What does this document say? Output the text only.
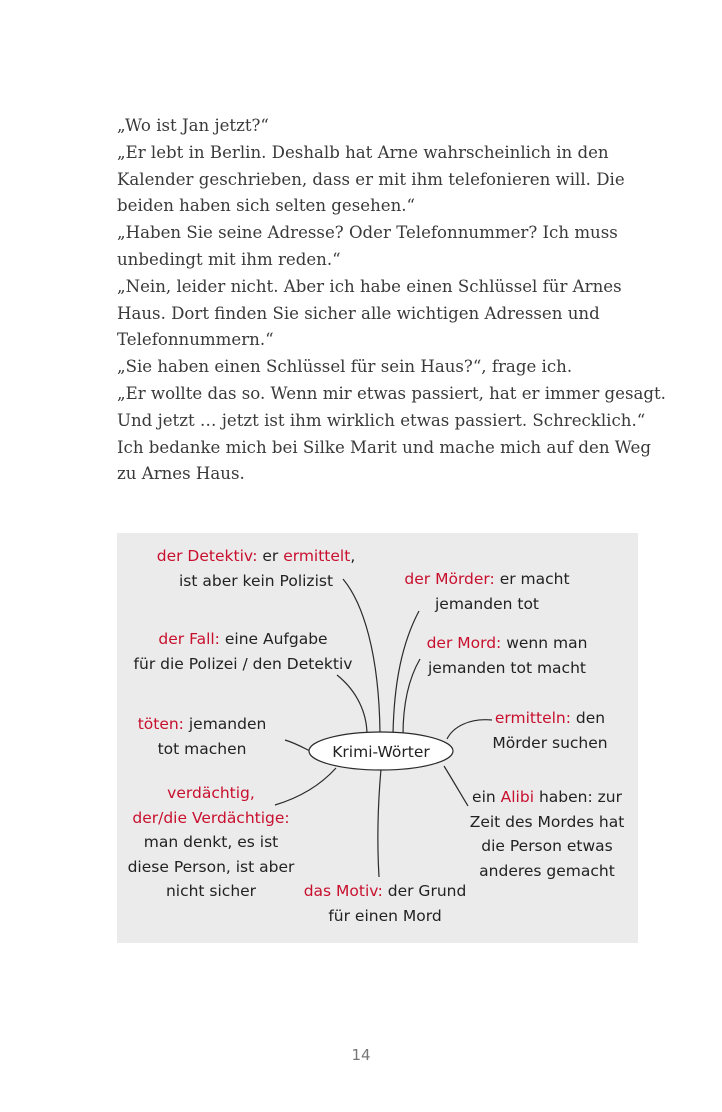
„Wo ist Jan jetzt?“

„Er lebt in Berlin. Deshalb hat Arne wahrscheinlich in den

Kalender geschrieben, dass er mit ihm telefonieren will. Die

beiden haben sich selten gesehen.“

„Haben Sie seine Adresse? Oder Telefonnummer? Ich muss

unbedingt mit ihm reden.“

„Nein, leider nicht. Aber ich habe einen Schlüssel für Arnes

Haus. Dort finden Sie sicher alle wichtigen Adressen und

Telefonnummern.“

„Sie haben einen Schlüssel für sein Haus?“, frage ich.

„Er wollte das so. Wenn mir etwas passiert, hat er immer gesagt.

Und jetzt … jetzt ist ihm wirklich etwas passiert. Schrecklich.“

Ich bedanke mich bei Silke Marit und mache mich auf den Weg

zu Arnes Haus.

Krimi-Wörter
der Detektiv: er ermittelt,
ist aber kein Polizist	der Mörder: er macht
jemanden tot
der Fall: eine Aufgabe
für die Polizei / den Detektiv
der Mord: wenn man
jemanden tot macht
töten: jemanden
tot machen
ermitteln: den
Mörder suchen
verdächtig,
der/die Verdächtige:
man denkt, es ist
diese Person, ist aber
nicht sicher
ein Alibi haben: zur
Zeit des Mordes hat
die Person etwas
anderes gemacht
das Motiv: der Grund
für einen Mord
14
